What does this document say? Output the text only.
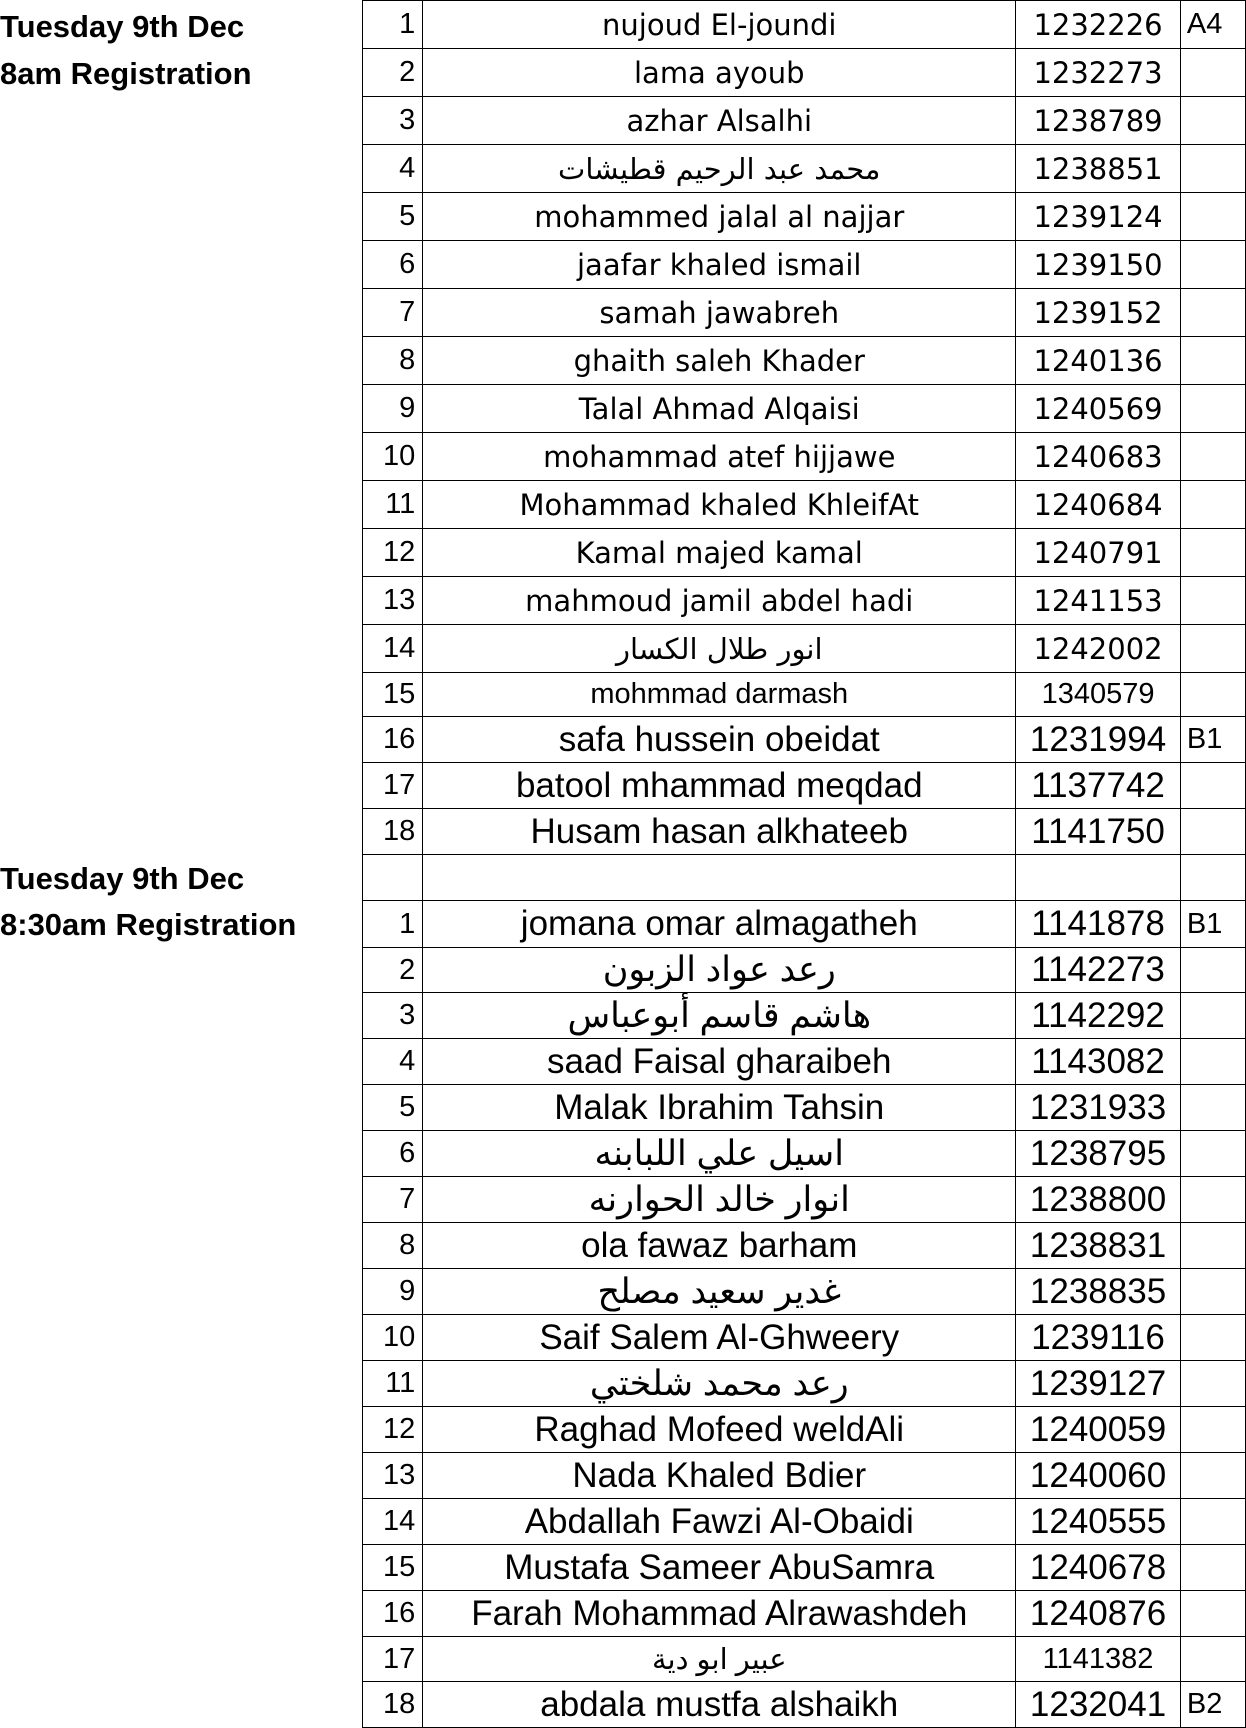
Tuesday 9th Dec
8am Registration
Tuesday 9th Dec
8:30am Registration
1	nujoud El-joundi	1232226	A4
2	lama ayoub	1232273	
3	azhar Alsalhi	1238789	
4	محمد عبد الرحيم قطيشات	1238851	
5	mohammed jalal al najjar	1239124	
6	jaafar khaled ismail	1239150	
7	samah jawabreh	1239152	
8	ghaith saleh Khader	1240136	
9	Talal Ahmad Alqaisi	1240569	
10	mohammad atef hijjawe	1240683	
11	Mohammad khaled KhleifAt	1240684	
12	Kamal majed kamal	1240791	
13	mahmoud jamil abdel hadi	1241153	
14	انور طلال الكسار	1242002	
15	mohmmad darmash	1340579	
16	safa hussein obeidat	1231994	B1
17	batool mhammad meqdad	1137742	
18	Husam hasan alkhateeb	1141750	

1	jomana omar almagatheh	1141878	B1
2	رعد عواد الزبون	1142273	
3	هاشم قاسم أبوعباس	1142292	
4	saad Faisal gharaibeh	1143082	
5	Malak Ibrahim Tahsin	1231933	
6	اسيل علي اللبابنه	1238795	
7	انوار خالد الحوارنه	1238800	
8	ola fawaz barham	1238831	
9	غدير سعيد مصلح	1238835	
10	Saif Salem Al-Ghweery	1239116	
11	رعد محمد شلختي	1239127	
12	Raghad Mofeed weldAli	1240059	
13	Nada Khaled Bdier	1240060	
14	Abdallah Fawzi Al-Obaidi	1240555	
15	Mustafa Sameer AbuSamra	1240678	
16	Farah Mohammad Alrawashdeh	1240876	
17	عبير ابو دية	1141382	
18	abdala mustfa alshaikh	1232041	B2
